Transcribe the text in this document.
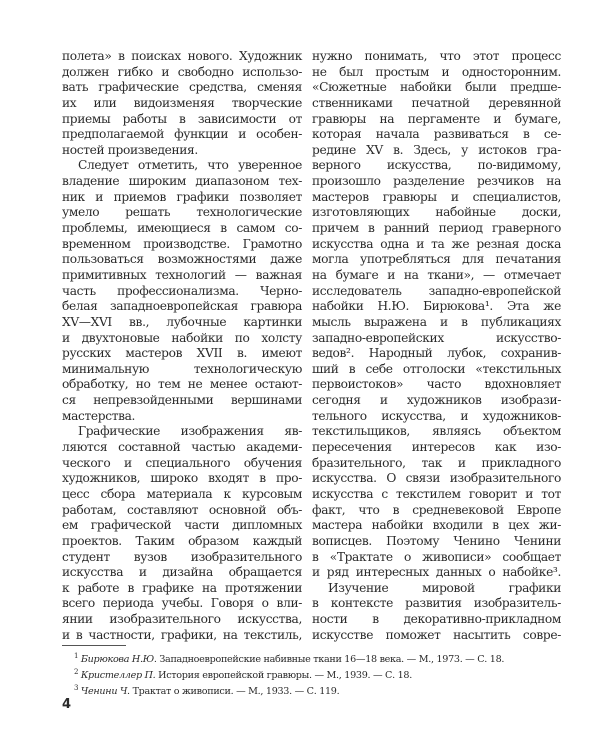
полета» в поисках нового. Художник
должен гибко и свободно использо-
вать графические средства, сменяя
их или видоизменяя творческие
приемы работы в зависимости от
предполагаемой функции и особен-
ностей произведения.
Следует отметить, что уверенное
владение широким диапазоном тех-
ник и приемов графики позволяет
умело решать технологические
проблемы, имеющиеся в самом со-
временном производстве. Грамотно
пользоваться возможностями даже
примитивных технологий — важная
часть профессионализма. Черно-
белая западноевропейская гравюра
XV—XVI вв., лубочные картинки
и двухтоновые набойки по холсту
русских мастеров XVII в. имеют
минимальную технологическую
обработку, но тем не менее остают-
ся непревзойденными вершинами
мастерства.
Графические изображения яв-
ляются составной частью академи-
ческого и специального обучения
художников, широко входят в про-
цесс сбора материала к курсовым
работам, составляют основной объ-
ем графической части дипломных
проектов. Таким образом каждый
студент вузов изобразительного
искусства и дизайна обращается
к работе в графике на протяжении
всего периода учебы. Говоря о вли-
янии изобразительного искусства,
и в частности, графики, на текстиль,
нужно понимать, что этот процесс
не был простым и односторонним.
«Сюжетные набойки были предше-
ственниками печатной деревянной
гравюры на пергаменте и бумаге,
которая начала развиваться в се-
редине XV в. Здесь, у истоков гра-
верного искусства, по-видимому,
произошло разделение резчиков на
мастеров гравюры и специалистов,
изготовляющих набойные доски,
причем в ранний период граверного
искусства одна и та же резная доска
могла употребляться для печатания
на бумаге и на ткани», — отмечает
исследователь западно-европейской
набойки Н.Ю. Бирюкова¹. Эта же
мысль выражена и в публикациях
западно-европейских искусство-
ведов². Народный лубок, сохранив-
ший в себе отголоски «текстильных
первоистоков» часто вдохновляет
сегодня и художников изобрази-
тельного искусства, и художников-
текстильщиков, являясь объектом
пересечения интересов как изо-
бразительного, так и прикладного
искусства. О связи изобразительного
искусства с текстилем говорит и тот
факт, что в средневековой Европе
мастера набойки входили в цех жи-
вописцев. Поэтому Ченино Ченини
в «Трактате о живописи» сообщает
и ряд интересных данных о набойке³.
Изучение мировой графики
в контексте развития изобразитель-
ности в декоративно-прикладном
искусстве поможет насытить совре-
$^1$ Бирюкова Н.Ю. Западноевропейские набивные ткани 16—18 века. — М., 1973. — С. 18.
$^2$ Кристеллер П. История европейской гравюры. — М., 1939. — С. 18.
$^3$ Ченини Ч. Трактат о живописи. — М., 1933. — С. 119.
4
